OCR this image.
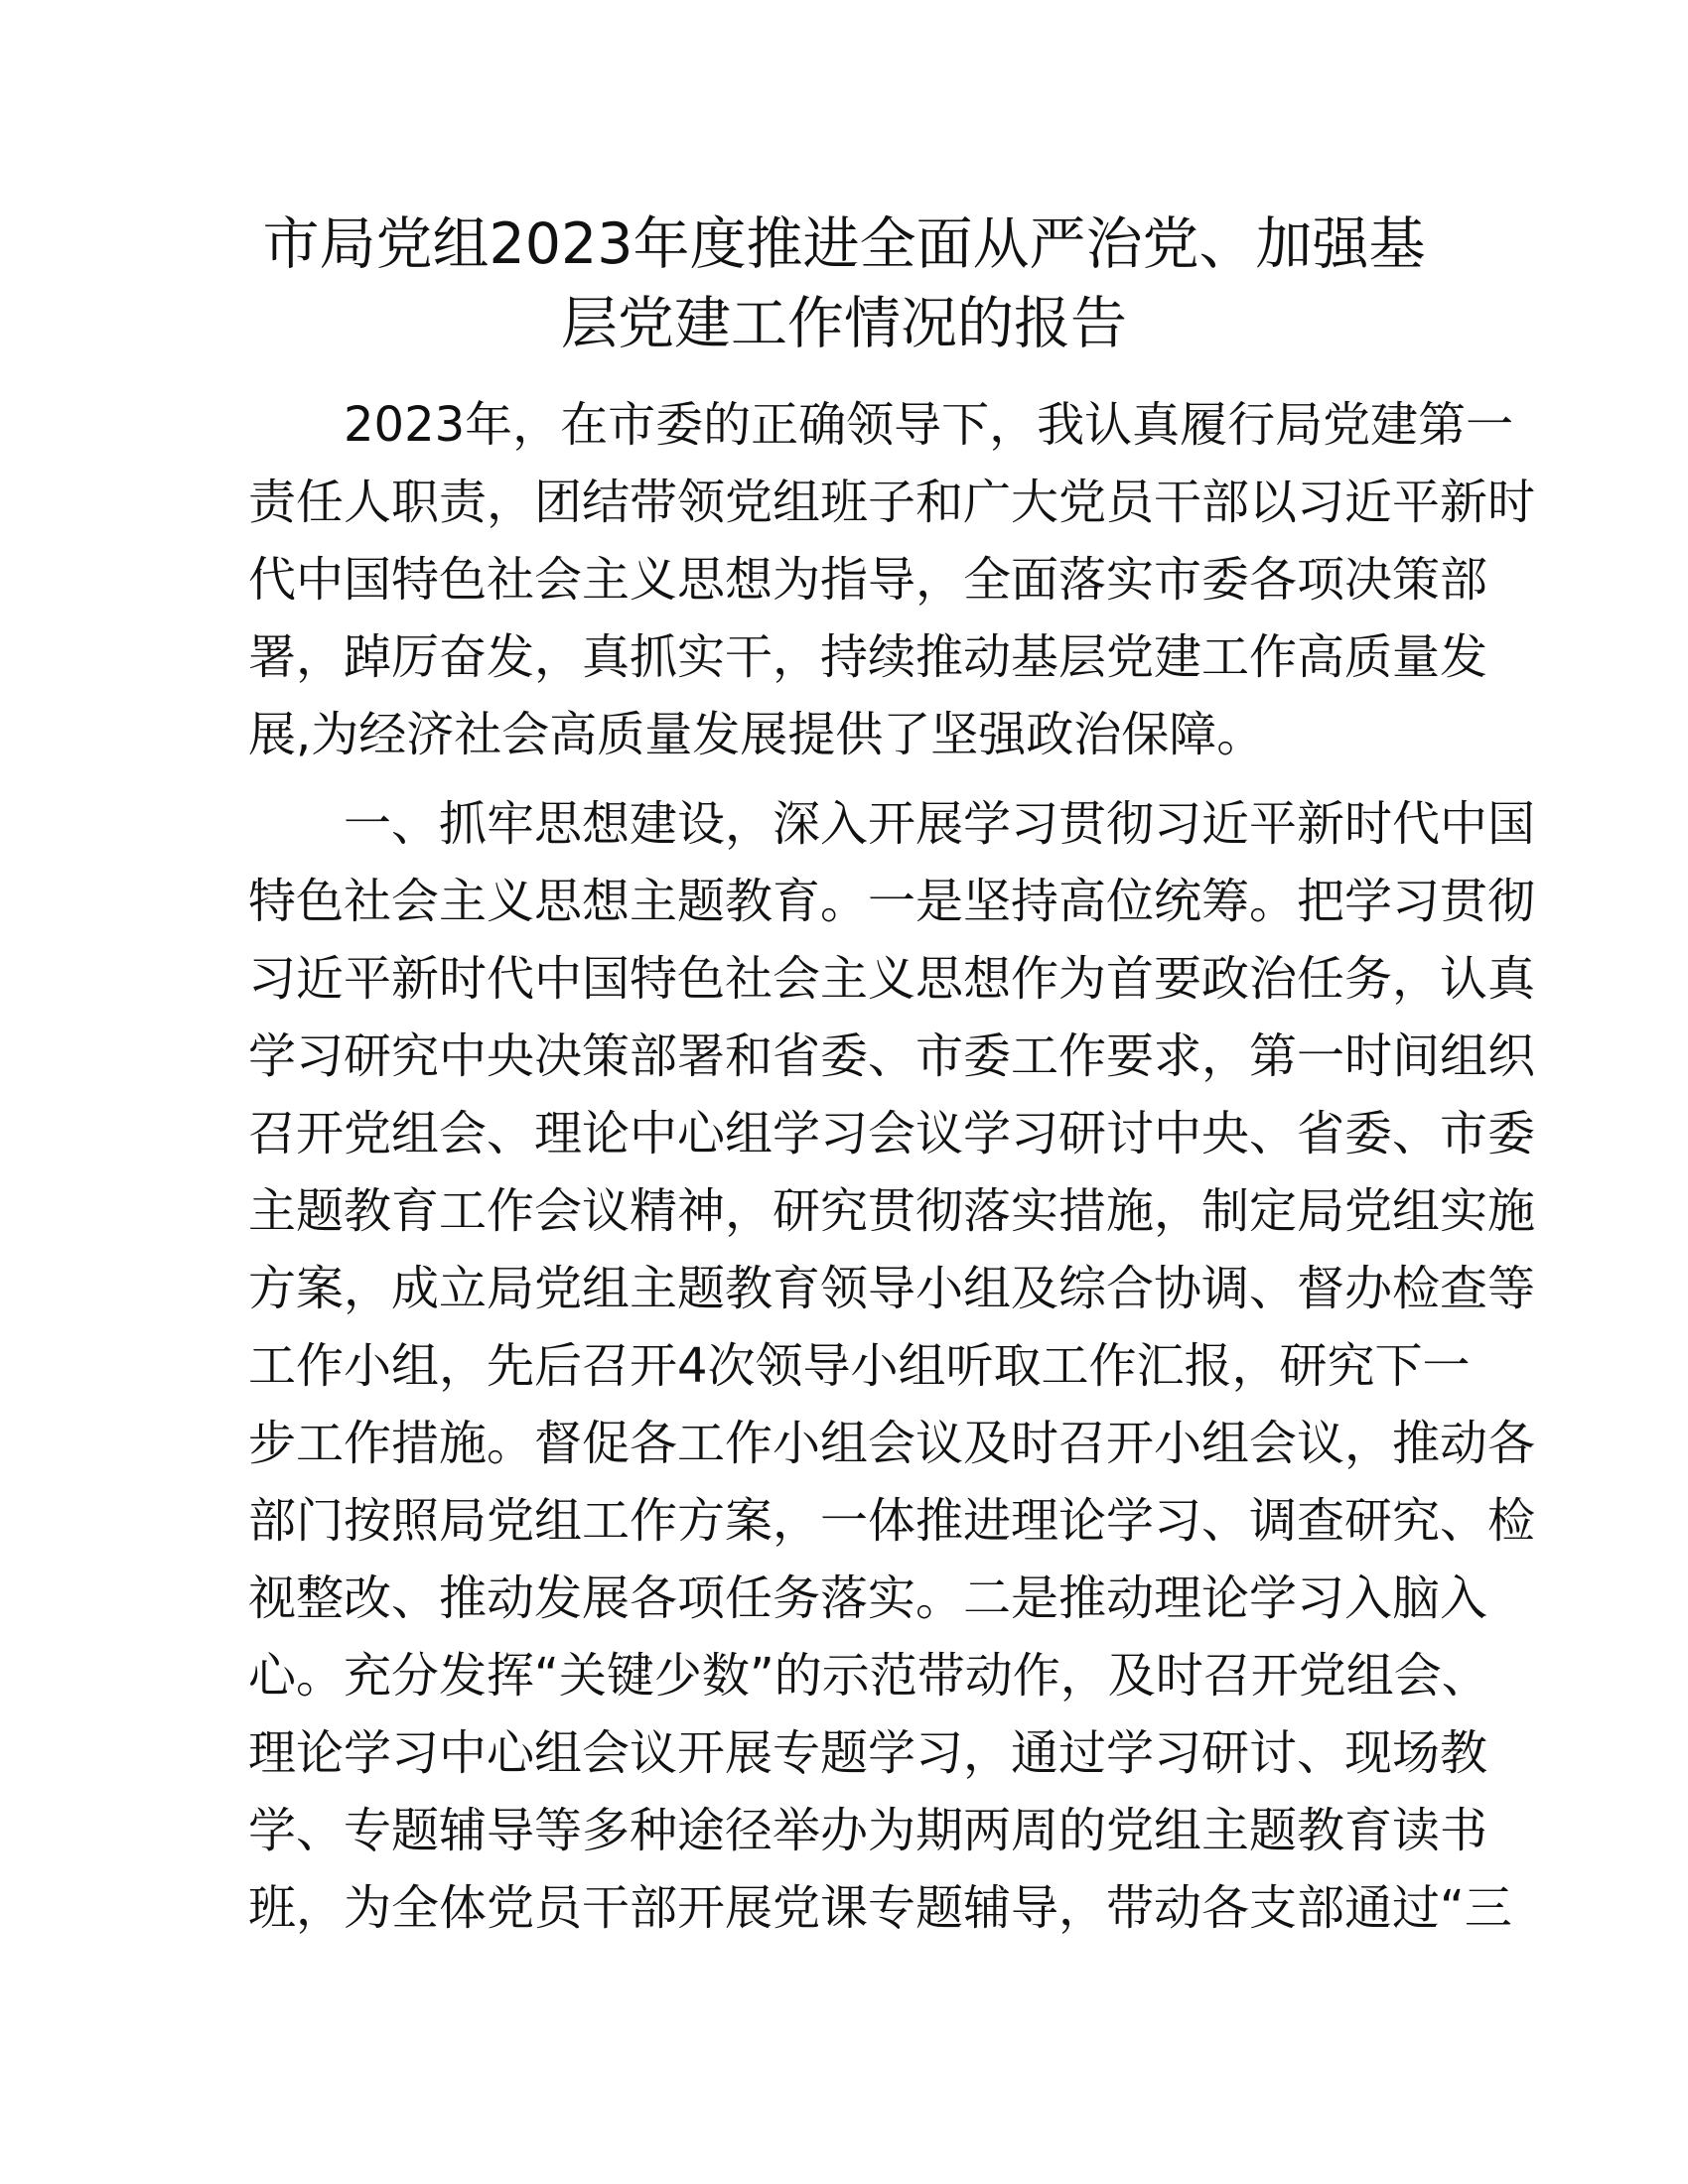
市局党组2023年度推进全面从严治党、加强基
层党建工作情况的报告
2023年，在市委的正确领导下，我认真履行局党建第一
责任人职责，团结带领党组班子和广大党员干部以习近平新时
代中国特色社会主义思想为指导，全面落实市委各项决策部
署，踔厉奋发，真抓实干，持续推动基层党建工作高质量发
展,为经济社会高质量发展提供了坚强政治保障。
一、抓牢思想建设，深入开展学习贯彻习近平新时代中国
特色社会主义思想主题教育。一是坚持高位统筹。把学习贯彻
习近平新时代中国特色社会主义思想作为首要政治任务，认真
学习研究中央决策部署和省委、市委工作要求，第一时间组织
召开党组会、理论中心组学习会议学习研讨中央、省委、市委
主题教育工作会议精神，研究贯彻落实措施，制定局党组实施
方案，成立局党组主题教育领导小组及综合协调、督办检查等
工作小组，先后召开4次领导小组听取工作汇报，研究下一
步工作措施。督促各工作小组会议及时召开小组会议，推动各
部门按照局党组工作方案，一体推进理论学习、调查研究、检
视整改、推动发展各项任务落实。二是推动理论学习入脑入
心。充分发挥“关键少数”的示范带动作，及时召开党组会、
理论学习中心组会议开展专题学习，通过学习研讨、现场教
学、专题辅导等多种途径举办为期两周的党组主题教育读书
班，为全体党员干部开展党课专题辅导，带动各支部通过“三
